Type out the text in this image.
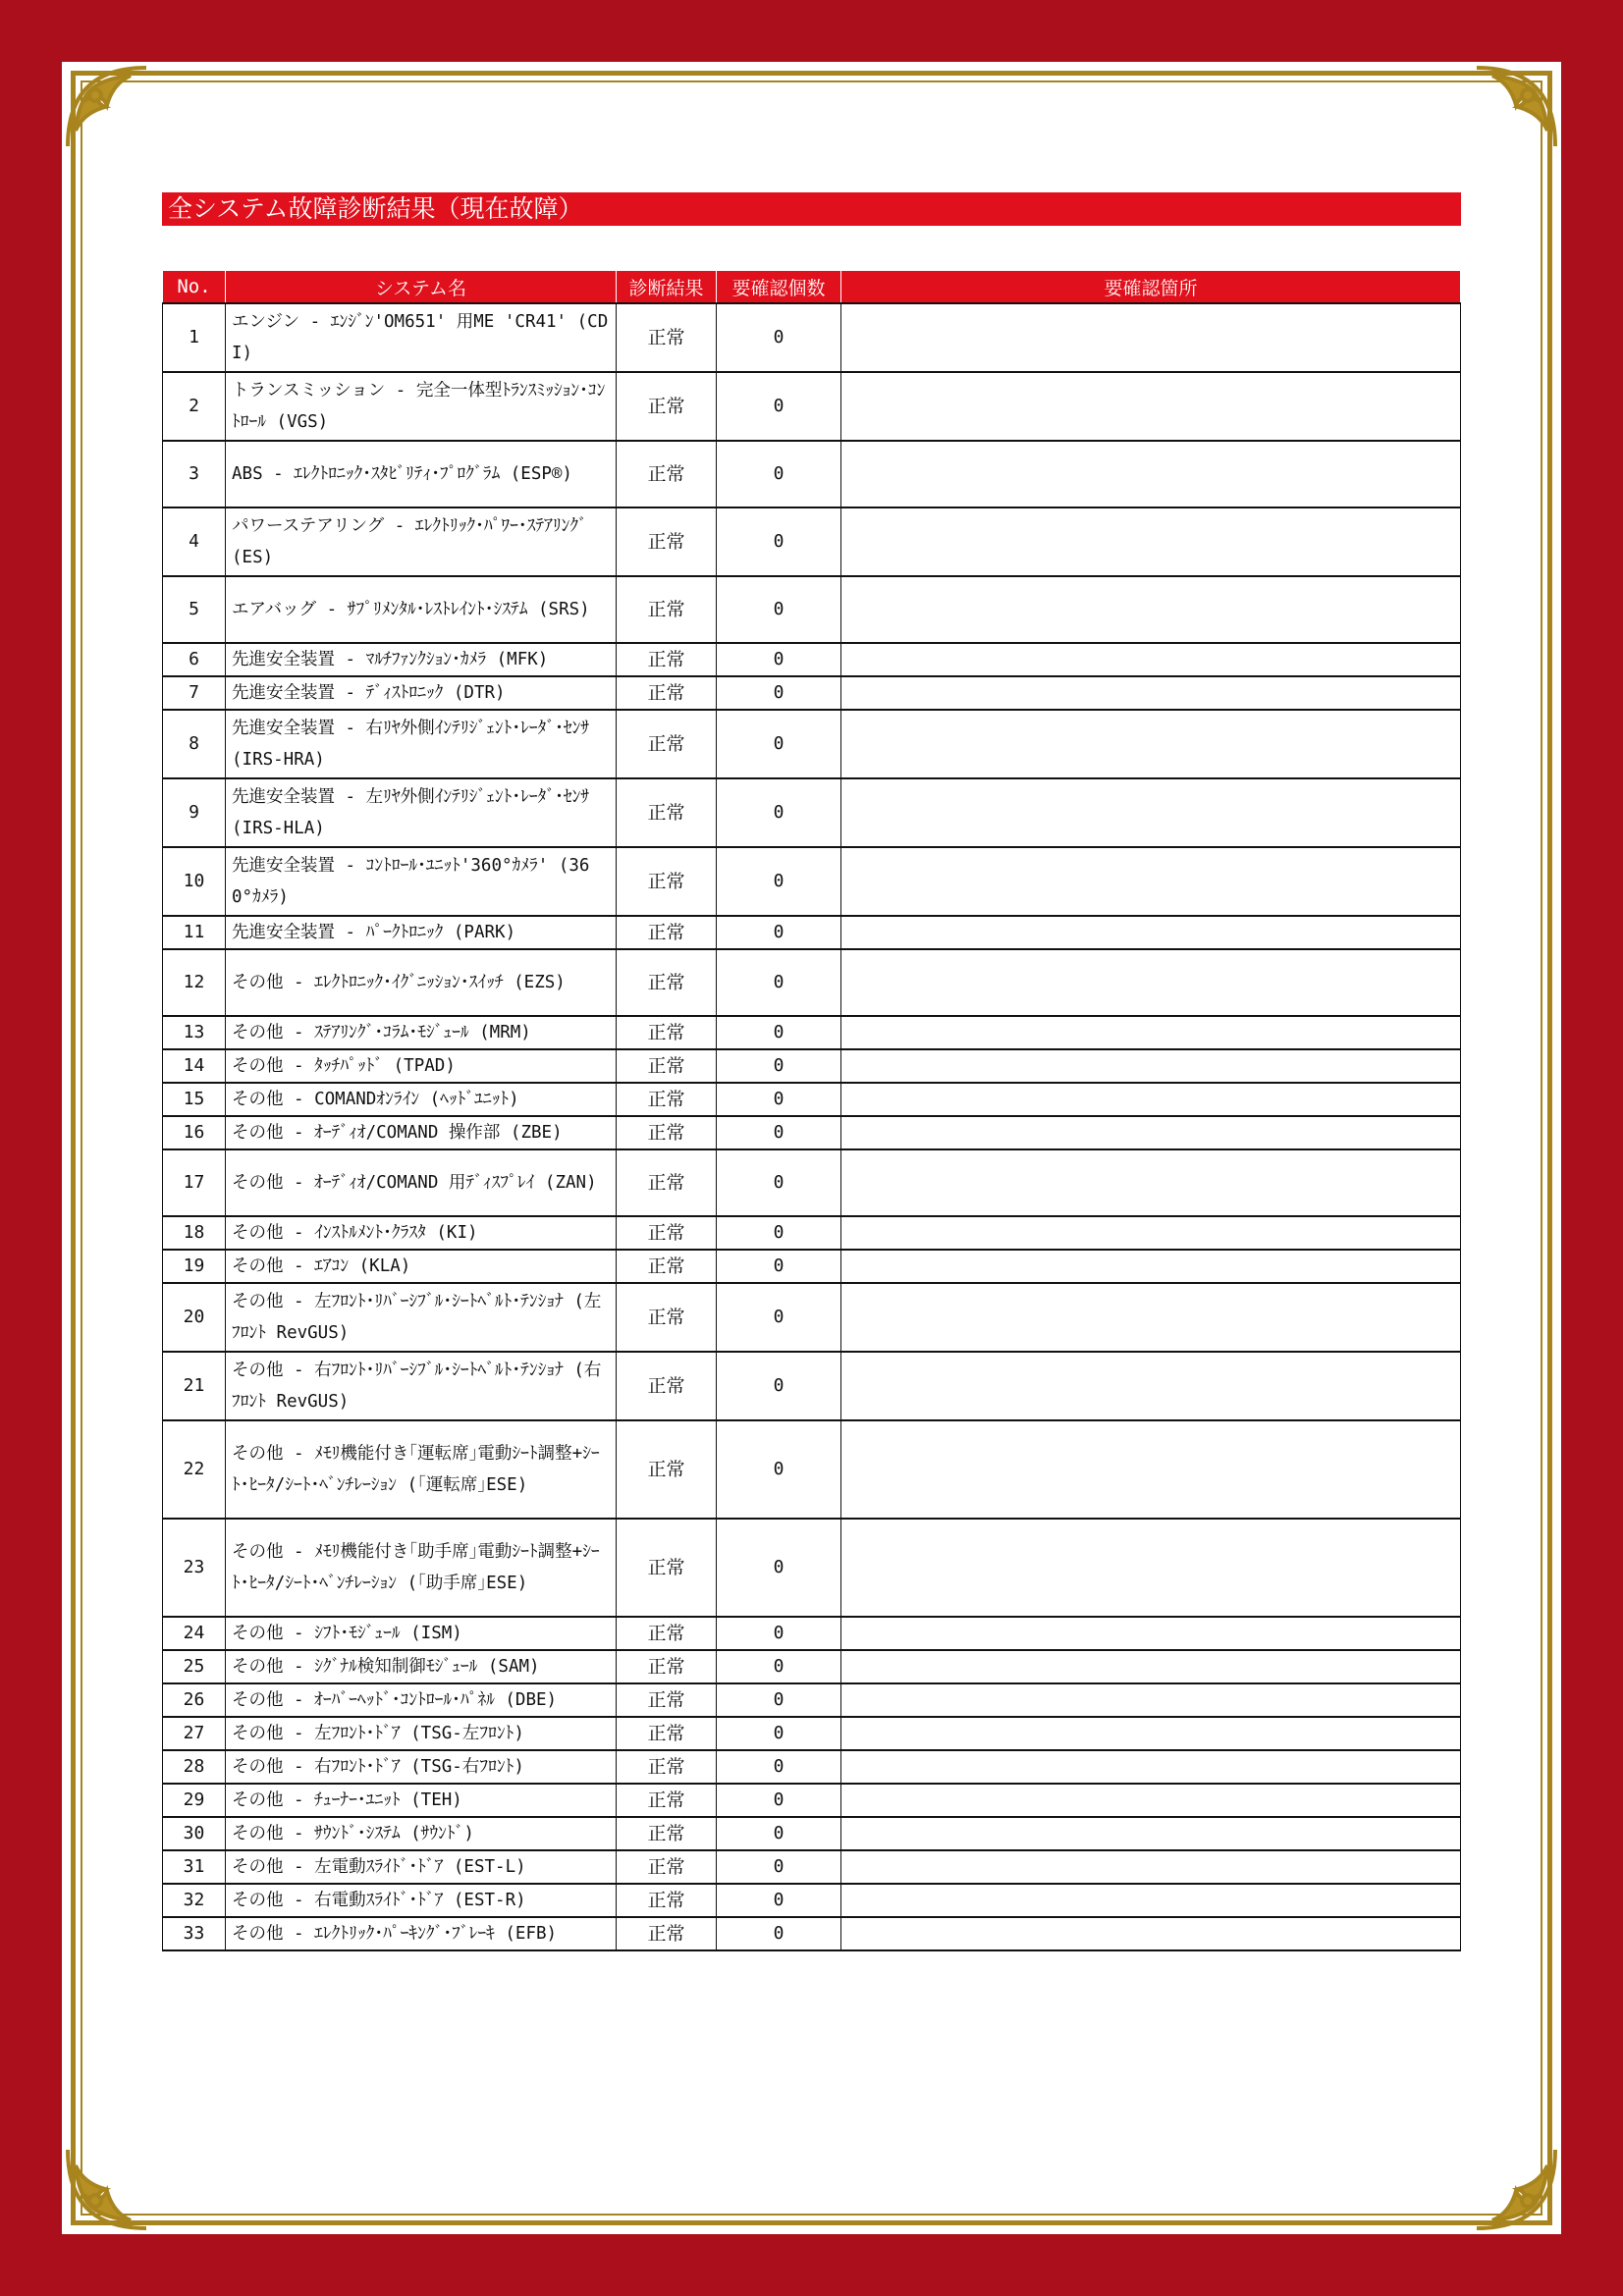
全システム故障診断結果（現在故障）
No.	システム名	診断結果	要確認個数	要確認箇所
1	エンジン - ｴﾝｼﾞﾝ'OM651' 用ME 'CR41' (CDI)	正常	0	
2	トランスミッション - 完全一体型ﾄﾗﾝｽﾐｯｼｮﾝ･ｺﾝﾄﾛｰﾙ (VGS)	正常	0	
3	ABS - ｴﾚｸﾄﾛﾆｯｸ･ｽﾀﾋﾞﾘﾃｨ･ﾌﾟﾛｸﾞﾗﾑ (ESP®)	正常	0	
4	パワーステアリング - ｴﾚｸﾄﾘｯｸ･ﾊﾟﾜｰ･ｽﾃｱﾘﾝｸﾞ (ES)	正常	0	
5	エアバッグ - ｻﾌﾟﾘﾒﾝﾀﾙ･ﾚｽﾄﾚｲﾝﾄ･ｼｽﾃﾑ (SRS)	正常	0	
6	先進安全装置 - ﾏﾙﾁﾌｧﾝｸｼｮﾝ･ｶﾒﾗ (MFK)	正常	0	
7	先進安全装置 - ﾃﾞｨｽﾄﾛﾆｯｸ (DTR)	正常	0	
8	先進安全装置 - 右ﾘﾔ外側ｲﾝﾃﾘｼﾞｪﾝﾄ･ﾚｰﾀﾞ･ｾﾝｻ (IRS-HRA)	正常	0	
9	先進安全装置 - 左ﾘﾔ外側ｲﾝﾃﾘｼﾞｪﾝﾄ･ﾚｰﾀﾞ･ｾﾝｻ (IRS-HLA)	正常	0	
10	先進安全装置 - ｺﾝﾄﾛｰﾙ･ﾕﾆｯﾄ'360°ｶﾒﾗ' (360°ｶﾒﾗ)	正常	0	
11	先進安全装置 - ﾊﾟｰｸﾄﾛﾆｯｸ (PARK)	正常	0	
12	その他 - ｴﾚｸﾄﾛﾆｯｸ･ｲｸﾞﾆｯｼｮﾝ･ｽｲｯﾁ (EZS)	正常	0	
13	その他 - ｽﾃｱﾘﾝｸﾞ･ｺﾗﾑ･ﾓｼﾞｭｰﾙ (MRM)	正常	0	
14	その他 - ﾀｯﾁﾊﾟｯﾄﾞ (TPAD)	正常	0	
15	その他 - COMANDｵﾝﾗｲﾝ (ﾍｯﾄﾞﾕﾆｯﾄ)	正常	0	
16	その他 - ｵｰﾃﾞｨｵ/COMAND 操作部 (ZBE)	正常	0	
17	その他 - ｵｰﾃﾞｨｵ/COMAND 用ﾃﾞｨｽﾌﾟﾚｲ (ZAN)	正常	0	
18	その他 - ｲﾝｽﾄﾙﾒﾝﾄ･ｸﾗｽﾀ (KI)	正常	0	
19	その他 - ｴｱｺﾝ (KLA)	正常	0	
20	その他 - 左ﾌﾛﾝﾄ･ﾘﾊﾞｰｼﾌﾞﾙ･ｼｰﾄﾍﾞﾙﾄ･ﾃﾝｼｮﾅ (左ﾌﾛﾝﾄ RevGUS)	正常	0	
21	その他 - 右ﾌﾛﾝﾄ･ﾘﾊﾞｰｼﾌﾞﾙ･ｼｰﾄﾍﾞﾙﾄ･ﾃﾝｼｮﾅ (右ﾌﾛﾝﾄ RevGUS)	正常	0	
22	その他 - ﾒﾓﾘ機能付き｢運転席｣電動ｼｰﾄ調整+ｼｰﾄ･ﾋｰﾀ/ｼｰﾄ･ﾍﾞﾝﾁﾚｰｼｮﾝ (｢運転席｣ESE)	正常	0	
23	その他 - ﾒﾓﾘ機能付き｢助手席｣電動ｼｰﾄ調整+ｼｰﾄ･ﾋｰﾀ/ｼｰﾄ･ﾍﾞﾝﾁﾚｰｼｮﾝ (｢助手席｣ESE)	正常	0	
24	その他 - ｼﾌﾄ･ﾓｼﾞｭｰﾙ (ISM)	正常	0	
25	その他 - ｼｸﾞﾅﾙ検知制御ﾓｼﾞｭｰﾙ (SAM)	正常	0	
26	その他 - ｵｰﾊﾞｰﾍｯﾄﾞ･ｺﾝﾄﾛｰﾙ･ﾊﾟﾈﾙ (DBE)	正常	0	
27	その他 - 左ﾌﾛﾝﾄ･ﾄﾞｱ (TSG-左ﾌﾛﾝﾄ)	正常	0	
28	その他 - 右ﾌﾛﾝﾄ･ﾄﾞｱ (TSG-右ﾌﾛﾝﾄ)	正常	0	
29	その他 - ﾁｭｰﾅｰ･ﾕﾆｯﾄ (TEH)	正常	0	
30	その他 - ｻｳﾝﾄﾞ･ｼｽﾃﾑ (ｻｳﾝﾄﾞ)	正常	0	
31	その他 - 左電動ｽﾗｲﾄﾞ･ﾄﾞｱ (EST-L)	正常	0	
32	その他 - 右電動ｽﾗｲﾄﾞ･ﾄﾞｱ (EST-R)	正常	0	
33	その他 - ｴﾚｸﾄﾘｯｸ･ﾊﾟｰｷﾝｸﾞ･ﾌﾞﾚｰｷ (EFB)	正常	0	
